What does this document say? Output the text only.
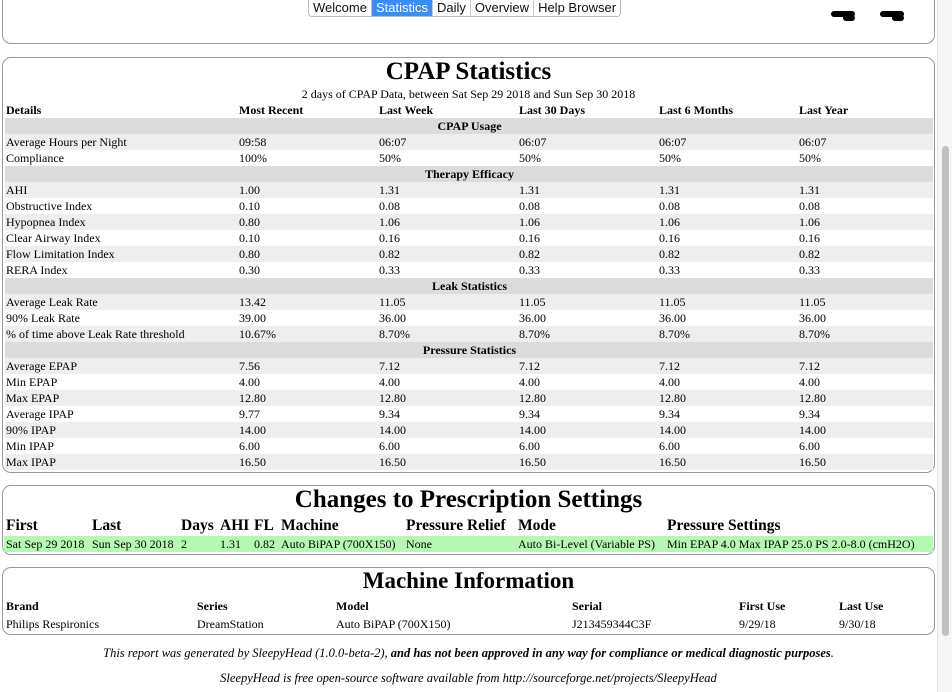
Welcome Statistics Daily Overview Help Browser
CPAP Statistics
2 days of CPAP Data, between Sat Sep 29 2018 and Sun Sep 30 2018
Details	Most Recent	Last Week	Last 30 Days	Last 6 Months	Last Year
CPAP Usage					
Average Hours per Night	09:58	06:07	06:07	06:07	06:07
Compliance	100%	50%	50%	50%	50%
Therapy Efficacy					
AHI	1.00	1.31	1.31	1.31	1.31
Obstructive Index	0.10	0.08	0.08	0.08	0.08
Hypopnea Index	0.80	1.06	1.06	1.06	1.06
Clear Airway Index	0.10	0.16	0.16	0.16	0.16
Flow Limitation Index	0.80	0.82	0.82	0.82	0.82
RERA Index	0.30	0.33	0.33	0.33	0.33
Leak Statistics					
Average Leak Rate	13.42	11.05	11.05	11.05	11.05
90% Leak Rate	39.00	36.00	36.00	36.00	36.00
% of time above Leak Rate threshold	10.67%	8.70%	8.70%	8.70%	8.70%
Pressure Statistics					
Average EPAP	7.56	7.12	7.12	7.12	7.12
Min EPAP	4.00	4.00	4.00	4.00	4.00
Max EPAP	12.80	12.80	12.80	12.80	12.80
Average IPAP	9.77	9.34	9.34	9.34	9.34
90% IPAP	14.00	14.00	14.00	14.00	14.00
Min IPAP	6.00	6.00	6.00	6.00	6.00
Max IPAP	16.50	16.50	16.50	16.50	16.50
Changes to Prescription Settings
First	Last	Days	AHI	FL	Machine	Pressure Relief	Mode	Pressure Settings
Sat Sep 29 2018	Sun Sep 30 2018	2	1.31	0.82	Auto BiPAP (700X150)	None	Auto Bi-Level (Variable PS)	Min EPAP 4.0 Max IPAP 25.0 PS 2.0-8.0 (cmH2O)
Machine Information
Brand	Series	Model	Serial	First Use	Last Use
Philips Respironics	DreamStation	Auto BiPAP (700X150)	J213459344C3F	9/29/18	9/30/18
This report was generated by SleepyHead (1.0.0-beta-2), and has not been approved in any way for compliance or medical diagnostic purposes.
SleepyHead is free open-source software available from http://sourceforge.net/projects/SleepyHead
